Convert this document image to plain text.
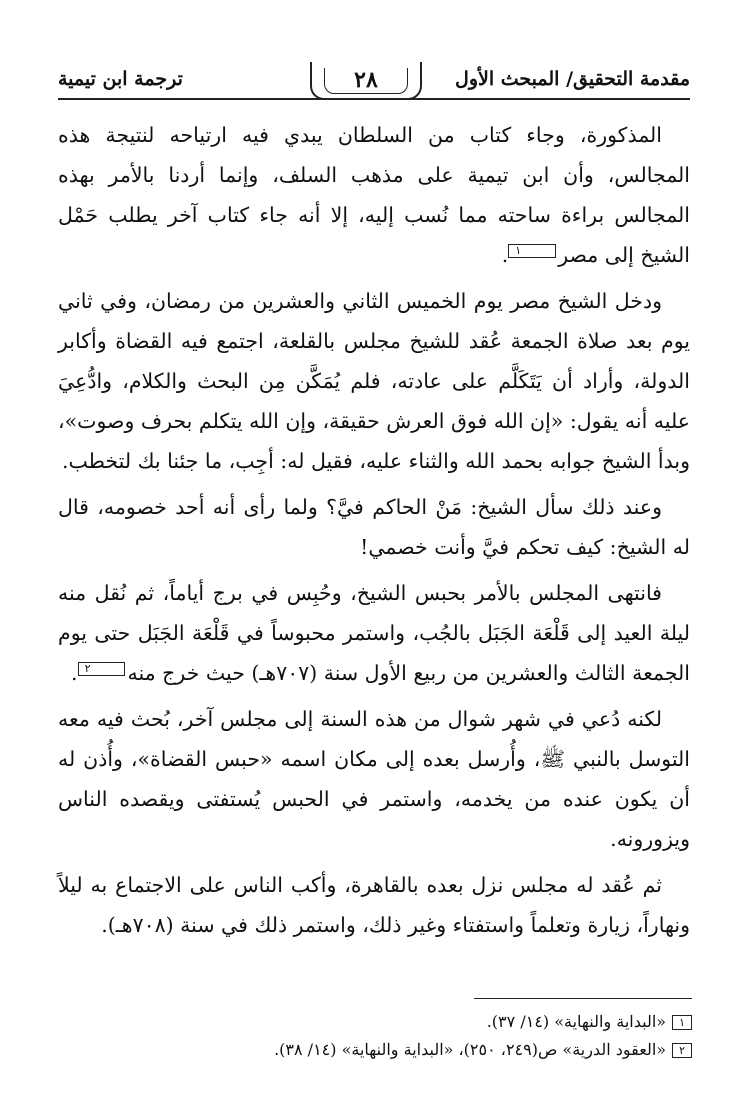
مقدمة التحقيق/ المبحث الأول
٢٨
ترجمة ابن تيمية

المذكورة، وجاء كتاب من السلطان يبدي فيه ارتياحه لنتيجة هذه المجالس، وأن ابن تيمية على مذهب السلف، وإنما أردنا بالأمر بهذه المجالس براءة ساحته مما نُسب إليه، إلا أنه جاء كتاب آخر يطلب حَمْل الشيخ إلى مصر١.

ودخل الشيخ مصر يوم الخميس الثاني والعشرين من رمضان، وفي ثاني يوم بعد صلاة الجمعة عُقد للشيخ مجلس بالقلعة، اجتمع فيه القضاة وأكابر الدولة، وأراد أن يَتَكَلَّم على عادته، فلم يُمَكَّن مِن البحث والكلام، وادُّعِيَ عليه أنه يقول: «إن الله فوق العرش حقيقة، وإن الله يتكلم بحرف وصوت»، وبدأ الشيخ جوابه بحمد الله والثناء عليه، فقيل له: أجِب، ما جئنا بك لتخطب.

وعند ذلك سأل الشيخ: مَنْ الحاكم فيَّ؟ ولما رأى أنه أحد خصومه، قال له الشيخ: كيف تحكم فيَّ وأنت خصمي!

فانتهى المجلس بالأمر بحبس الشيخ، وحُبِس في برج أياماً، ثم نُقل منه ليلة العيد إلى قَلْعَة الجَبَل بالجُب، واستمر محبوساً في قَلْعَة الجَبَل حتى يوم الجمعة الثالث والعشرين من ربيع الأول سنة (٧٠٧هـ) حيث خرج منه٢.

لكنه دُعي في شهر شوال من هذه السنة إلى مجلس آخر، بُحث فيه معه التوسل بالنبي ﷺ، وأُرسل بعده إلى مكان اسمه «حبس القضاة»، وأُذن له أن يكون عنده من يخدمه، واستمر في الحبس يُستفتى ويقصده الناس ويزورونه.

ثم عُقد له مجلس نزل بعده بالقاهرة، وأكب الناس على الاجتماع به ليلاً ونهاراً، زيارة وتعلماً واستفتاء وغير ذلك، واستمر ذلك في سنة (٧٠٨هـ).

١«البداية والنهاية» (١٤/ ٣٧).
٢«العقود الدرية» ص(٢٤٩، ٢٥٠)، «البداية والنهاية» (١٤/ ٣٨).
